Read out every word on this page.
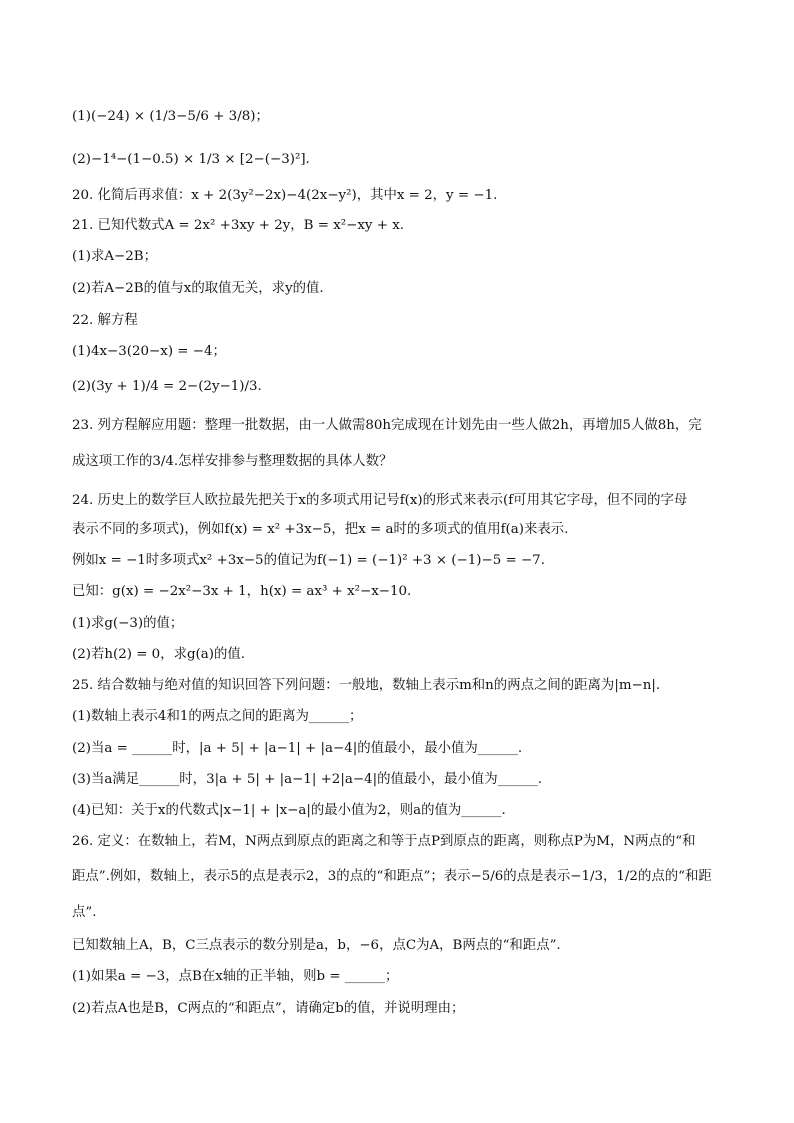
(1)(−24) × (1/3−5/6 + 3/8)；
(2)−1⁴−(1−0.5) × 1/3 × [2−(−3)²].
20. 化简后再求值：x + 2(3y²−2x)−4(2x−y²)，其中x = 2，y = −1.
21. 已知代数式A = 2x² +3xy + 2y，B = x²−xy + x.
(1)求A−2B；
(2)若A−2B的值与x的取值无关，求y的值.
22. 解方程
(1)4x−3(20−x) = −4；
(2)(3y + 1)/4 = 2−(2y−1)/3.
23. 列方程解应用题：整理一批数据，由一人做需80h完成现在计划先由一些人做2h，再增加5人做8h，完
成这项工作的3/4.怎样安排参与整理数据的具体人数？
24. 历史上的数学巨人欧拉最先把关于x的多项式用记号f(x)的形式来表示(f可用其它字母，但不同的字母
表示不同的多项式)，例如f(x) = x² +3x−5，把x = a时的多项式的值用f(a)来表示.
例如x = −1时多项式x² +3x−5的值记为f(−1) = (−1)² +3 × (−1)−5 = −7.
已知：g(x) = −2x²−3x + 1，h(x) = ax³ + x²−x−10.
(1)求g(−3)的值；
(2)若h(2) = 0，求g(a)的值.
25. 结合数轴与绝对值的知识回答下列问题：一般地，数轴上表示m和n的两点之间的距离为|m−n|.
(1)数轴上表示4和1的两点之间的距离为______；
(2)当a = ______时，|a + 5| + |a−1| + |a−4|的值最小，最小值为______.
(3)当a满足______时，3|a + 5| + |a−1| +2|a−4|的值最小，最小值为______.
(4)已知：关于x的代数式|x−1| + |x−a|的最小值为2，则a的值为______.
26. 定义：在数轴上，若M，N两点到原点的距离之和等于点P到原点的距离，则称点P为M，N两点的“和
距点”.例如，数轴上，表示5的点是表示2，3的点的“和距点”；表示−5/6的点是表示−1/3，1/2的点的“和距
点”.
已知数轴上A，B，C三点表示的数分别是a，b，−6，点C为A，B两点的“和距点”.
(1)如果a = −3，点B在x轴的正半轴，则b = ______；
(2)若点A也是B，C两点的“和距点”，请确定b的值，并说明理由；
